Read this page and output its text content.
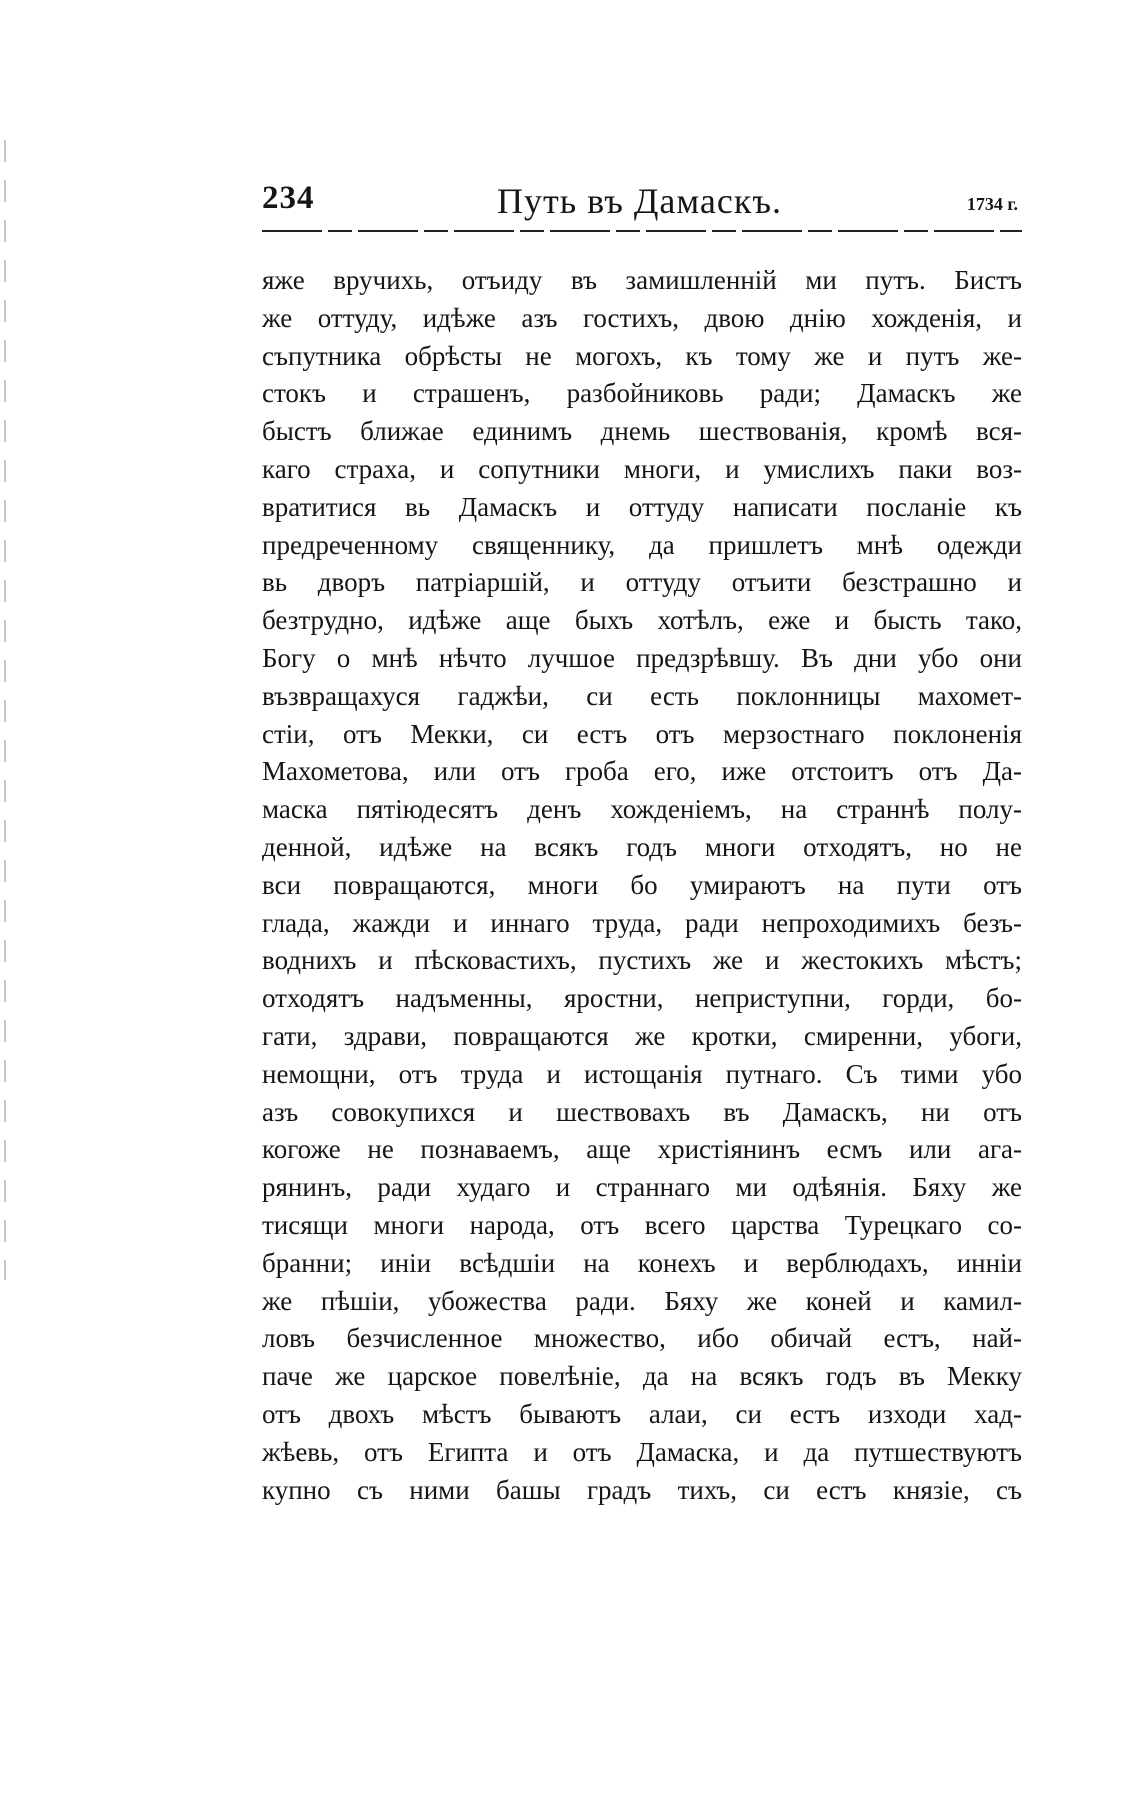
234	Путь въ Дамаскъ.	1734 г.
яже вручихь, отъиду въ замишленній ми путъ. Бистъ
же оттуду, идѣже азъ гостихъ, двою днію хожденія, и
съпутника обрѣсты не могохъ, къ тому же и путъ же-
стокъ и страшенъ, разбойниковь ради; Дамаскъ же
быстъ ближае единимъ днемь шествованія, кромѣ вся-
каго страха, и сопутники многи, и умислихъ паки воз-
вратитися вь Дамаскъ и оттуду написати посланіе къ
предреченному священнику, да пришлетъ мнѣ одежди
вь дворъ патріаршій, и оттуду отъити безстрашно и
безтрудно, идѣже аще быхъ хотѣлъ, еже и бысть тако,
Богу о мнѣ нѣчто лучшое предзрѣвшу. Въ дни убо они
възвращахуся гаджѣи, си есть поклонницы махомет-
стіи, отъ Мекки, си естъ отъ мерзостнаго поклоненія
Махометова, или отъ гроба его, иже отстоитъ отъ Да-
маска пятіюдесятъ денъ хожденіемъ, на страннѣ полу-
денной, идѣже на всякъ годъ многи отходятъ, но не
вси повращаются, многи бо умираютъ на пути отъ
глада, жажди и иннаго труда, ради непроходимихъ безъ-
воднихъ и пѣсковастихъ, пустихъ же и жестокихъ мѣстъ;
отходятъ надъменны, яростни, неприступни, горди, бо-
гати, здрави, повращаются же кротки, смиренни, убоги,
немощни, отъ труда и истощанія путнаго. Съ тими убо
азъ совокупихся и шествовахъ въ Дамаскъ, ни отъ
когоже не познаваемъ, аще христіянинъ есмъ или ага-
рянинъ, ради худаго и страннаго ми одѣянія. Бяху же
тисящи многи народа, отъ всего царства Турецкаго со-
бранни; иніи вcѣдшіи на конехъ и верблюдахъ, инніи
же пѣшіи, убожества ради. Бяху же коней и камил-
ловъ безчисленное множество, ибо обичай естъ, най-
паче же царское повелѣніе, да на всякъ годъ въ Мекку
отъ двохъ мѣстъ бываютъ алаи, си естъ изходи хад-
жѣевь, отъ Египта и отъ Дамаска, и да путшествуютъ
купно съ ними башы градъ тихъ, си естъ князіе, съ
